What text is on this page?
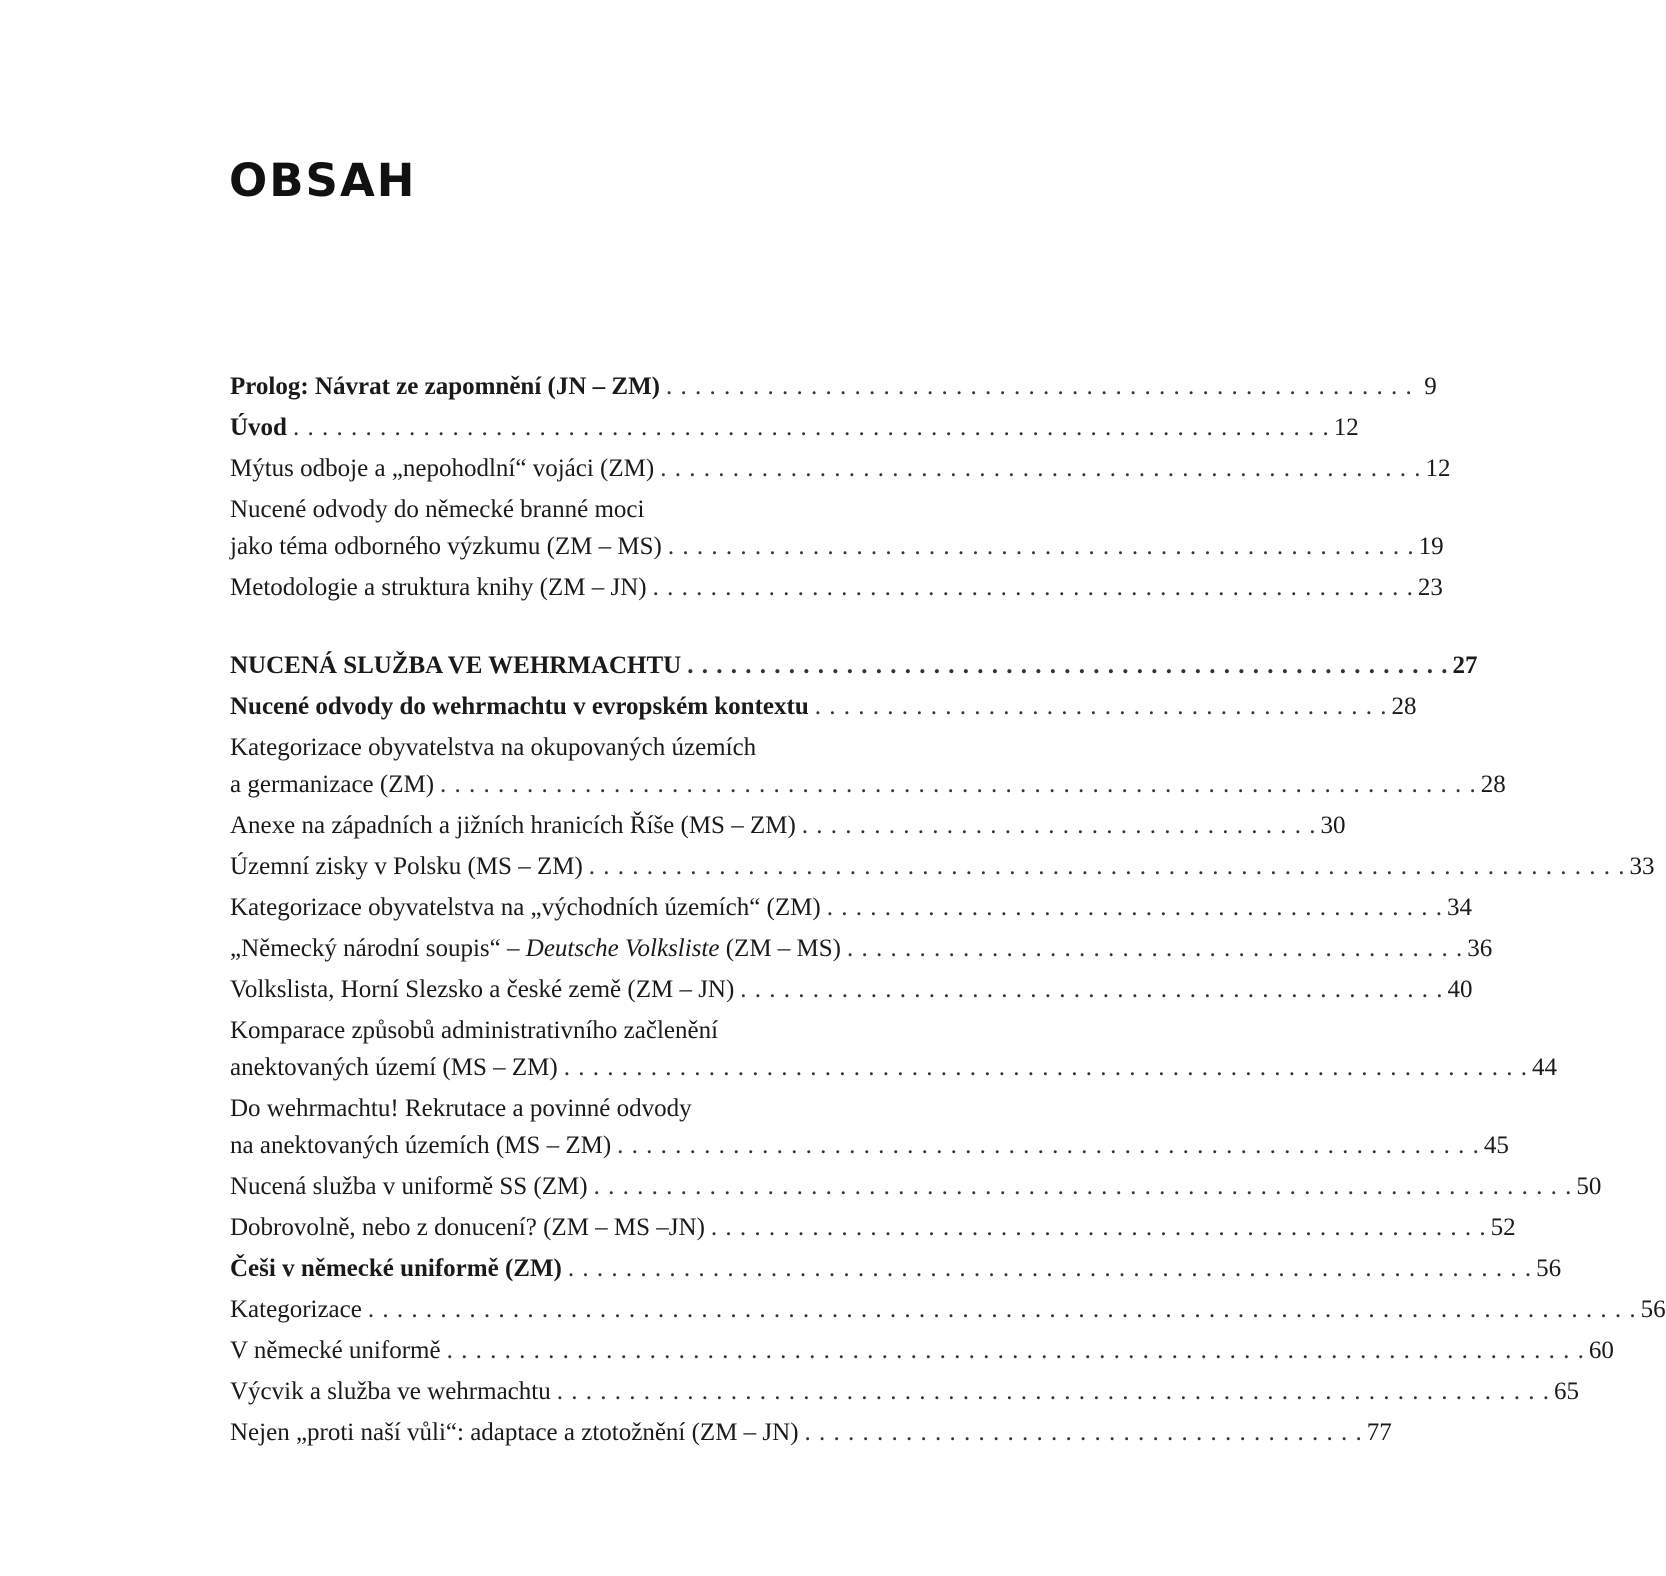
OBSAH
Prolog: Návrat ze zapomnění (JN – ZM) . . . . . . . . . . . . . . . . . . . . . . . . . . . . . . . . . . . . . . . . . . . . . . . . . . . . 9
Úvod . . . . . . . . . . . . . . . . . . . . . . . . . . . . . . . . . . . . . . . . . . . . . . . . . . . . . . . . . . . . . . . . . . . . . . . . 12
Mýtus odboje a „nepohodlní“ vojáci (ZM) . . . . . . . . . . . . . . . . . . . . . . . . . . . . . . . . . . . . . . . . . . . . . . . . . . . . . 12
Nucené odvody do německé branné moci
jako téma odborného výzkumu (ZM – MS) . . . . . . . . . . . . . . . . . . . . . . . . . . . . . . . . . . . . . . . . . . . . . . . . . . . . 19
Metodologie a struktura knihy (ZM – JN) . . . . . . . . . . . . . . . . . . . . . . . . . . . . . . . . . . . . . . . . . . . . . . . . . . . . . 23
NUCENÁ SLUŽBA VE WEHRMACHTU . . . . . . . . . . . . . . . . . . . . . . . . . . . . . . . . . . . . . . . . . . . . . . . . . . . . . 27
Nucené odvody do wehrmachtu v evropském kontextu . . . . . . . . . . . . . . . . . . . . . . . . . . . . . . . . . . . . . . . . 28
Kategorizace obyvatelstva na okupovaných územích
a germanizace (ZM) . . . . . . . . . . . . . . . . . . . . . . . . . . . . . . . . . . . . . . . . . . . . . . . . . . . . . . . . . . . . . . . . . . . . . . . . 28
Anexe na západních a jižních hranicích Říše (MS – ZM) . . . . . . . . . . . . . . . . . . . . . . . . . . . . . . . . . . . . 30
Územní zisky v Polsku (MS – ZM) . . . . . . . . . . . . . . . . . . . . . . . . . . . . . . . . . . . . . . . . . . . . . . . . . . . . . . . . . . . . . . . . . . . . . . . . 33
Kategorizace obyvatelstva na „východních územích“ (ZM) . . . . . . . . . . . . . . . . . . . . . . . . . . . . . . . . . . . . . . . . . . . 34
„Německý národní soupis“ – Deutsche Volksliste (ZM – MS) . . . . . . . . . . . . . . . . . . . . . . . . . . . . . . . . . . . . . . . . . . . 36
Volkslista, Horní Slezsko a české země (ZM – JN) . . . . . . . . . . . . . . . . . . . . . . . . . . . . . . . . . . . . . . . . . . . . . . . . . 40
Komparace způsobů administrativního začlenění
anektovaných území (MS – ZM) . . . . . . . . . . . . . . . . . . . . . . . . . . . . . . . . . . . . . . . . . . . . . . . . . . . . . . . . . . . . . . . . . . . 44
Do wehrmachtu! Rekrutace a povinné odvody
na anektovaných územích (MS – ZM) . . . . . . . . . . . . . . . . . . . . . . . . . . . . . . . . . . . . . . . . . . . . . . . . . . . . . . . . . . . . 45
Nucená služba v uniformě SS (ZM) . . . . . . . . . . . . . . . . . . . . . . . . . . . . . . . . . . . . . . . . . . . . . . . . . . . . . . . . . . . . . . . . . . . . 50
Dobrovolně, nebo z donucení? (ZM – MS –JN) . . . . . . . . . . . . . . . . . . . . . . . . . . . . . . . . . . . . . . . . . . . . . . . . . . . . . . 52
Češi v německé uniformě (ZM) . . . . . . . . . . . . . . . . . . . . . . . . . . . . . . . . . . . . . . . . . . . . . . . . . . . . . . . . . . . . . . . . . . . 56
Kategorizace . . . . . . . . . . . . . . . . . . . . . . . . . . . . . . . . . . . . . . . . . . . . . . . . . . . . . . . . . . . . . . . . . . . . . . . . . . . . . . . . . . . . . . . . 56
V německé uniformě . . . . . . . . . . . . . . . . . . . . . . . . . . . . . . . . . . . . . . . . . . . . . . . . . . . . . . . . . . . . . . . . . . . . . . . . . . . . . . . 60
Výcvik a služba ve wehrmachtu . . . . . . . . . . . . . . . . . . . . . . . . . . . . . . . . . . . . . . . . . . . . . . . . . . . . . . . . . . . . . . . . . . . . . 65
Nejen „proti naší vůli“: adaptace a ztotožnění (ZM – JN) . . . . . . . . . . . . . . . . . . . . . . . . . . . . . . . . . . . . . . . 77
